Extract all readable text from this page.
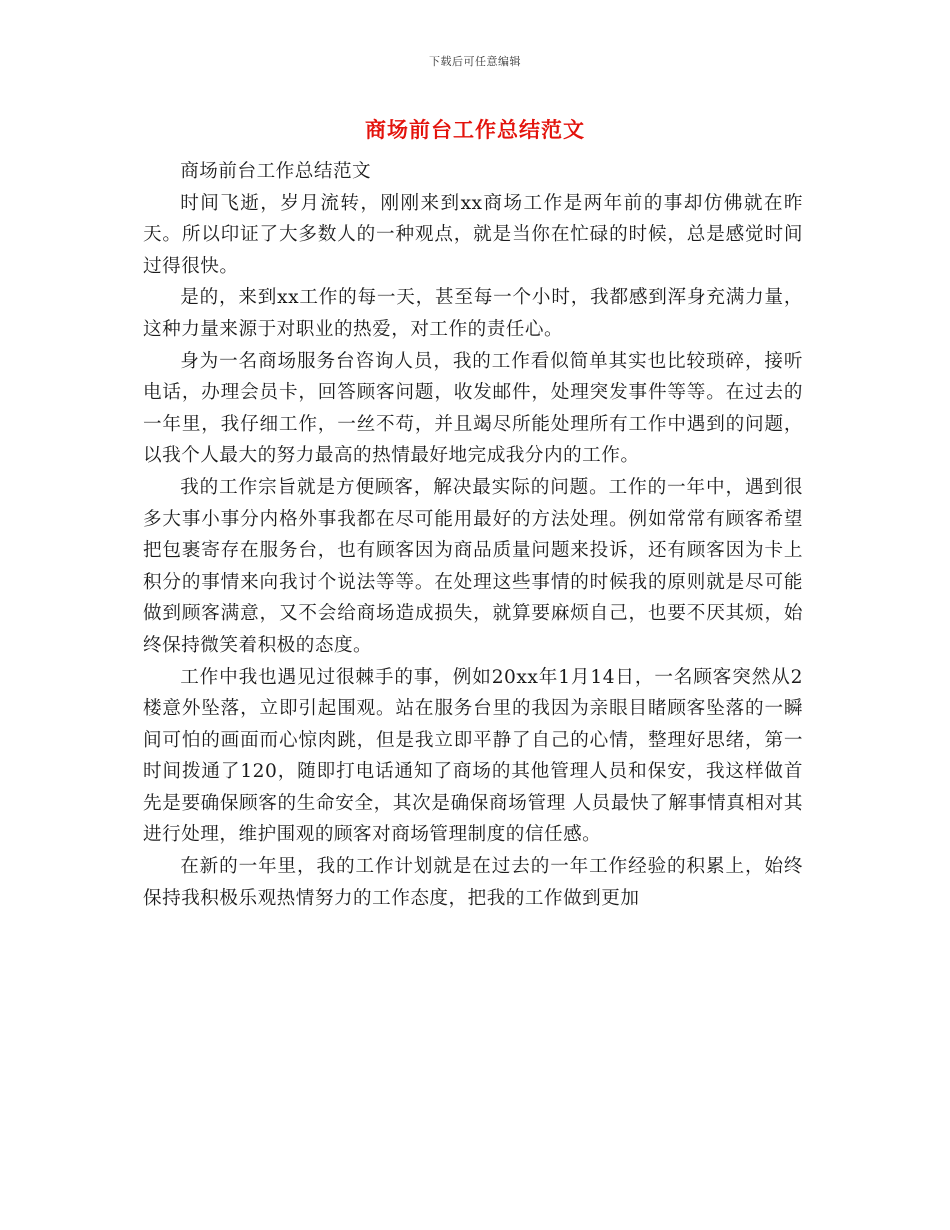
下载后可任意编辑
商场前台工作总结范文

商场前台工作总结范文

时间飞逝，岁月流转，刚刚来到xx商场工作是两年前的事却仿佛就在昨天。所以印证了大多数人的一种观点，就是当你在忙碌的时候，总是感觉时间过得很快。

是的，来到xx工作的每一天，甚至每一个小时，我都感到浑身充满力量，这种力量来源于对职业的热爱，对工作的责任心。

身为一名商场服务台咨询人员，我的工作看似简单其实也比较琐碎，接听电话，办理会员卡，回答顾客问题，收发邮件，处理突发事件等等。在过去的一年里，我仔细工作，一丝不苟，并且竭尽所能处理所有工作中遇到的问题，以我个人最大的努力最高的热情最好地完成我分内的工作。

我的工作宗旨就是方便顾客，解决最实际的问题。工作的一年中，遇到很多大事小事分内格外事我都在尽可能用最好的方法处理。例如常常有顾客希望把包裹寄存在服务台，也有顾客因为商品质量问题来投诉，还有顾客因为卡上积分的事情来向我讨个说法等等。在处理这些事情的时候我的原则就是尽可能做到顾客满意，又不会给商场造成损失，就算要麻烦自己，也要不厌其烦，始终保持微笑着积极的态度。

工作中我也遇见过很棘手的事，例如20xx年1月14日，一名顾客突然从2楼意外坠落，立即引起围观。站在服务台里的我因为亲眼目睹顾客坠落的一瞬间可怕的画面而心惊肉跳，但是我立即平静了自己的心情，整理好思绪，第一时间拨通了120，随即打电话通知了商场的其他管理人员和保安，我这样做首先是要确保顾客的生命安全，其次是确保商场管理 人员最快了解事情真相对其进行处理，维护围观的顾客对商场管理制度的信任感。

在新的一年里，我的工作计划就是在过去的一年工作经验的积累上，始终保持我积极乐观热情努力的工作态度，把我的工作做到更加
